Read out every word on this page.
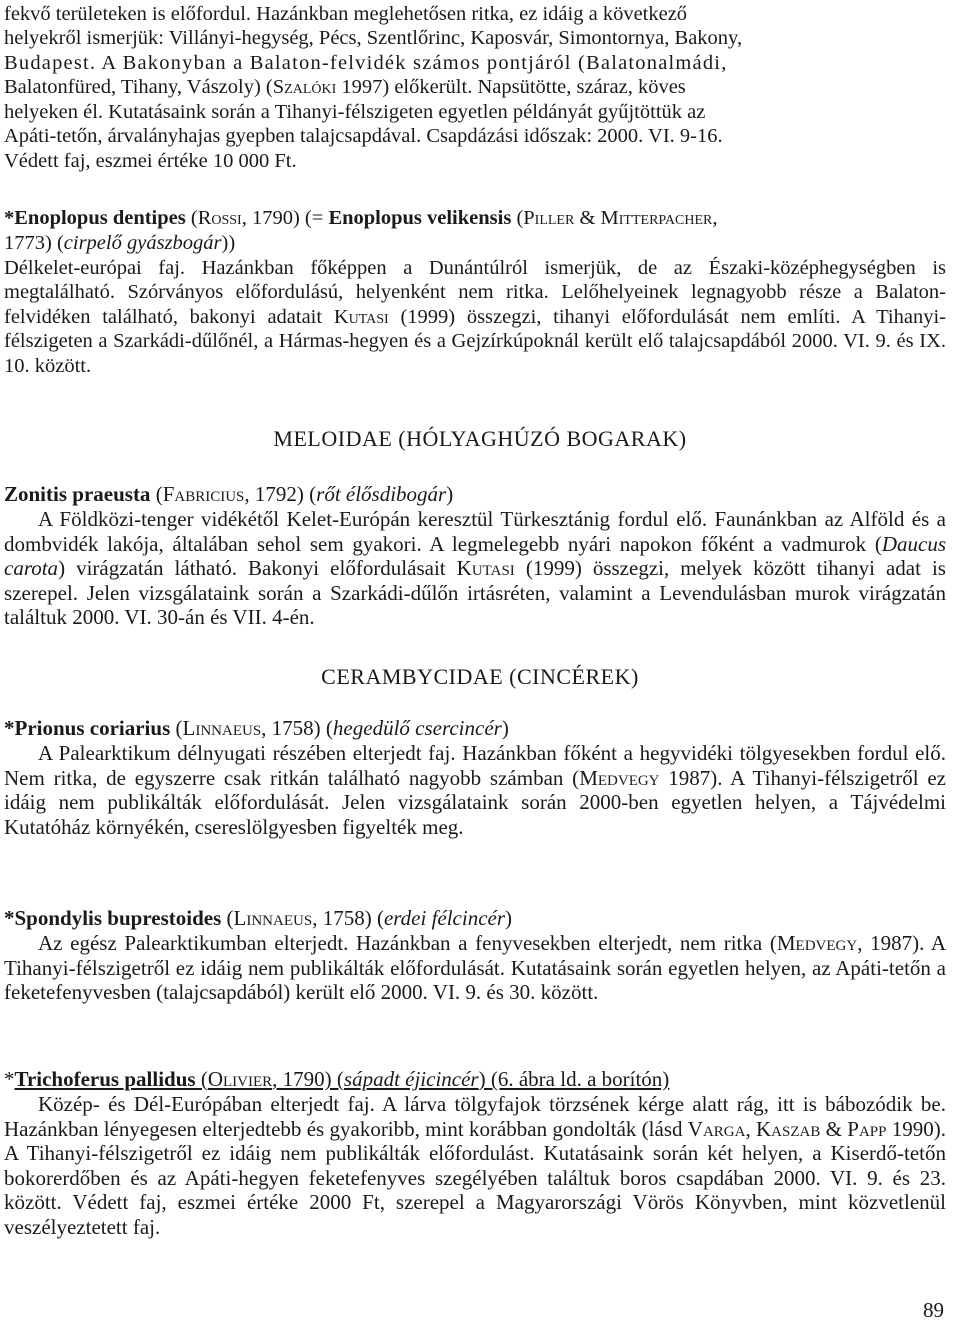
fekvő területeken is előfordul. Hazánkban meglehetősen ritka, ez idáig a következő

helyekről ismerjük: Villányi-hegység, Pécs, Szentlőrinc, Kaposvár, Simontornya, Bakony,

Budapest. A Bakonyban a Balaton-felvidék számos pontjáról (Balatonalmádi,

Balatonfüred, Tihany, Vászoly) (Szalóki 1997) előkerült. Napsütötte, száraz, köves

helyeken él. Kutatásaink során a Tihanyi-félszigeten egyetlen példányát gyűjtöttük az

Apáti-tetőn, árvalányhajas gyepben talajcsapdával. Csapdázási időszak: 2000. VI. 9-16.

Védett faj, eszmei értéke 10 000 Ft.

*Enoplopus dentipes (Rossi, 1790) (= Enoplopus velikensis (Piller & Mitterpacher,

1773) (cirpelő gyászbogár))

Délkelet-európai faj. Hazánkban főképpen a Dunántúlról ismerjük, de az Északi-középhegységben is megtalálható. Szórványos előfordulású, helyenként nem ritka. Lelőhelyeinek legnagyobb része a Balaton-felvidéken található, bakonyi adatait Kutasi (1999) összegzi, tihanyi előfordulását nem említi. A Tihanyi-félszigeten a Szarkádi-dűlőnél, a Hármas-hegyen és a Gejzírkúpoknál került elő talajcsapdából 2000. VI. 9. és IX. 10. között.

MELOIDAE (HÓLYAGHÚZÓ BOGARAK)

Zonitis praeusta (Fabricius, 1792) (rőt élősdibogár)

A Földközi-tenger vidékétől Kelet-Európán keresztül Türkesztánig fordul elő. Faunánkban az Alföld és a dombvidék lakója, általában sehol sem gyakori. A legmelegebb nyári napokon főként a vadmurok (Daucus carota) virágzatán látható. Bakonyi előfordulásait Kutasi (1999) összegzi, melyek között tihanyi adat is szerepel. Jelen vizsgálataink során a Szarkádi-dűlőn irtásréten, valamint a Levendulásban murok virágzatán találtuk 2000. VI. 30-án és VII. 4-én.

CERAMBYCIDAE (CINCÉREK)

*Prionus coriarius (Linnaeus, 1758) (hegedülő csercincér)

A Palearktikum délnyugati részében elterjedt faj. Hazánkban főként a hegyvidéki tölgyesekben fordul elő. Nem ritka, de egyszerre csak ritkán található nagyobb számban (Medvegy 1987). A Tihanyi-félszigetről ez idáig nem publikálták előfordulását. Jelen vizsgálataink során 2000-ben egyetlen helyen, a Tájvédelmi Kutatóház környékén, csereslölgyesben figyelték meg.

*Spondylis buprestoides (Linnaeus, 1758) (erdei félcincér)

Az egész Palearktikumban elterjedt. Hazánkban a fenyvesekben elterjedt, nem ritka (Medvegy, 1987). A Tihanyi-félszigetről ez idáig nem publikálták előfordulását. Kutatásaink során egyetlen helyen, az Apáti-tetőn a feketefenyvesben (talajcsapdából) került elő 2000. VI. 9. és 30. között.

*Trichoferus pallidus (Olivier, 1790) (sápadt éjicincér) (6. ábra ld. a borítón)

Közép- és Dél-Európában elterjedt faj. A lárva tölgyfajok törzsének kérge alatt rág, itt is bábozódik be. Hazánkban lényegesen elterjedtebb és gyakoribb, mint korábban gondolták (lásd Varga, Kaszab & Papp 1990). A Tihanyi-félszigetről ez idáig nem publikálták előfordulást. Kutatásaink során két helyen, a Kiserdő-tetőn bokorerdőben és az Apáti-hegyen feketefenyves szegélyében találtuk boros csapdában 2000. VI. 9. és 23. között. Védett faj, eszmei értéke 2000 Ft, szerepel a Magyarországi Vörös Könyvben, mint közvetlenül veszélyeztetett faj.

89
